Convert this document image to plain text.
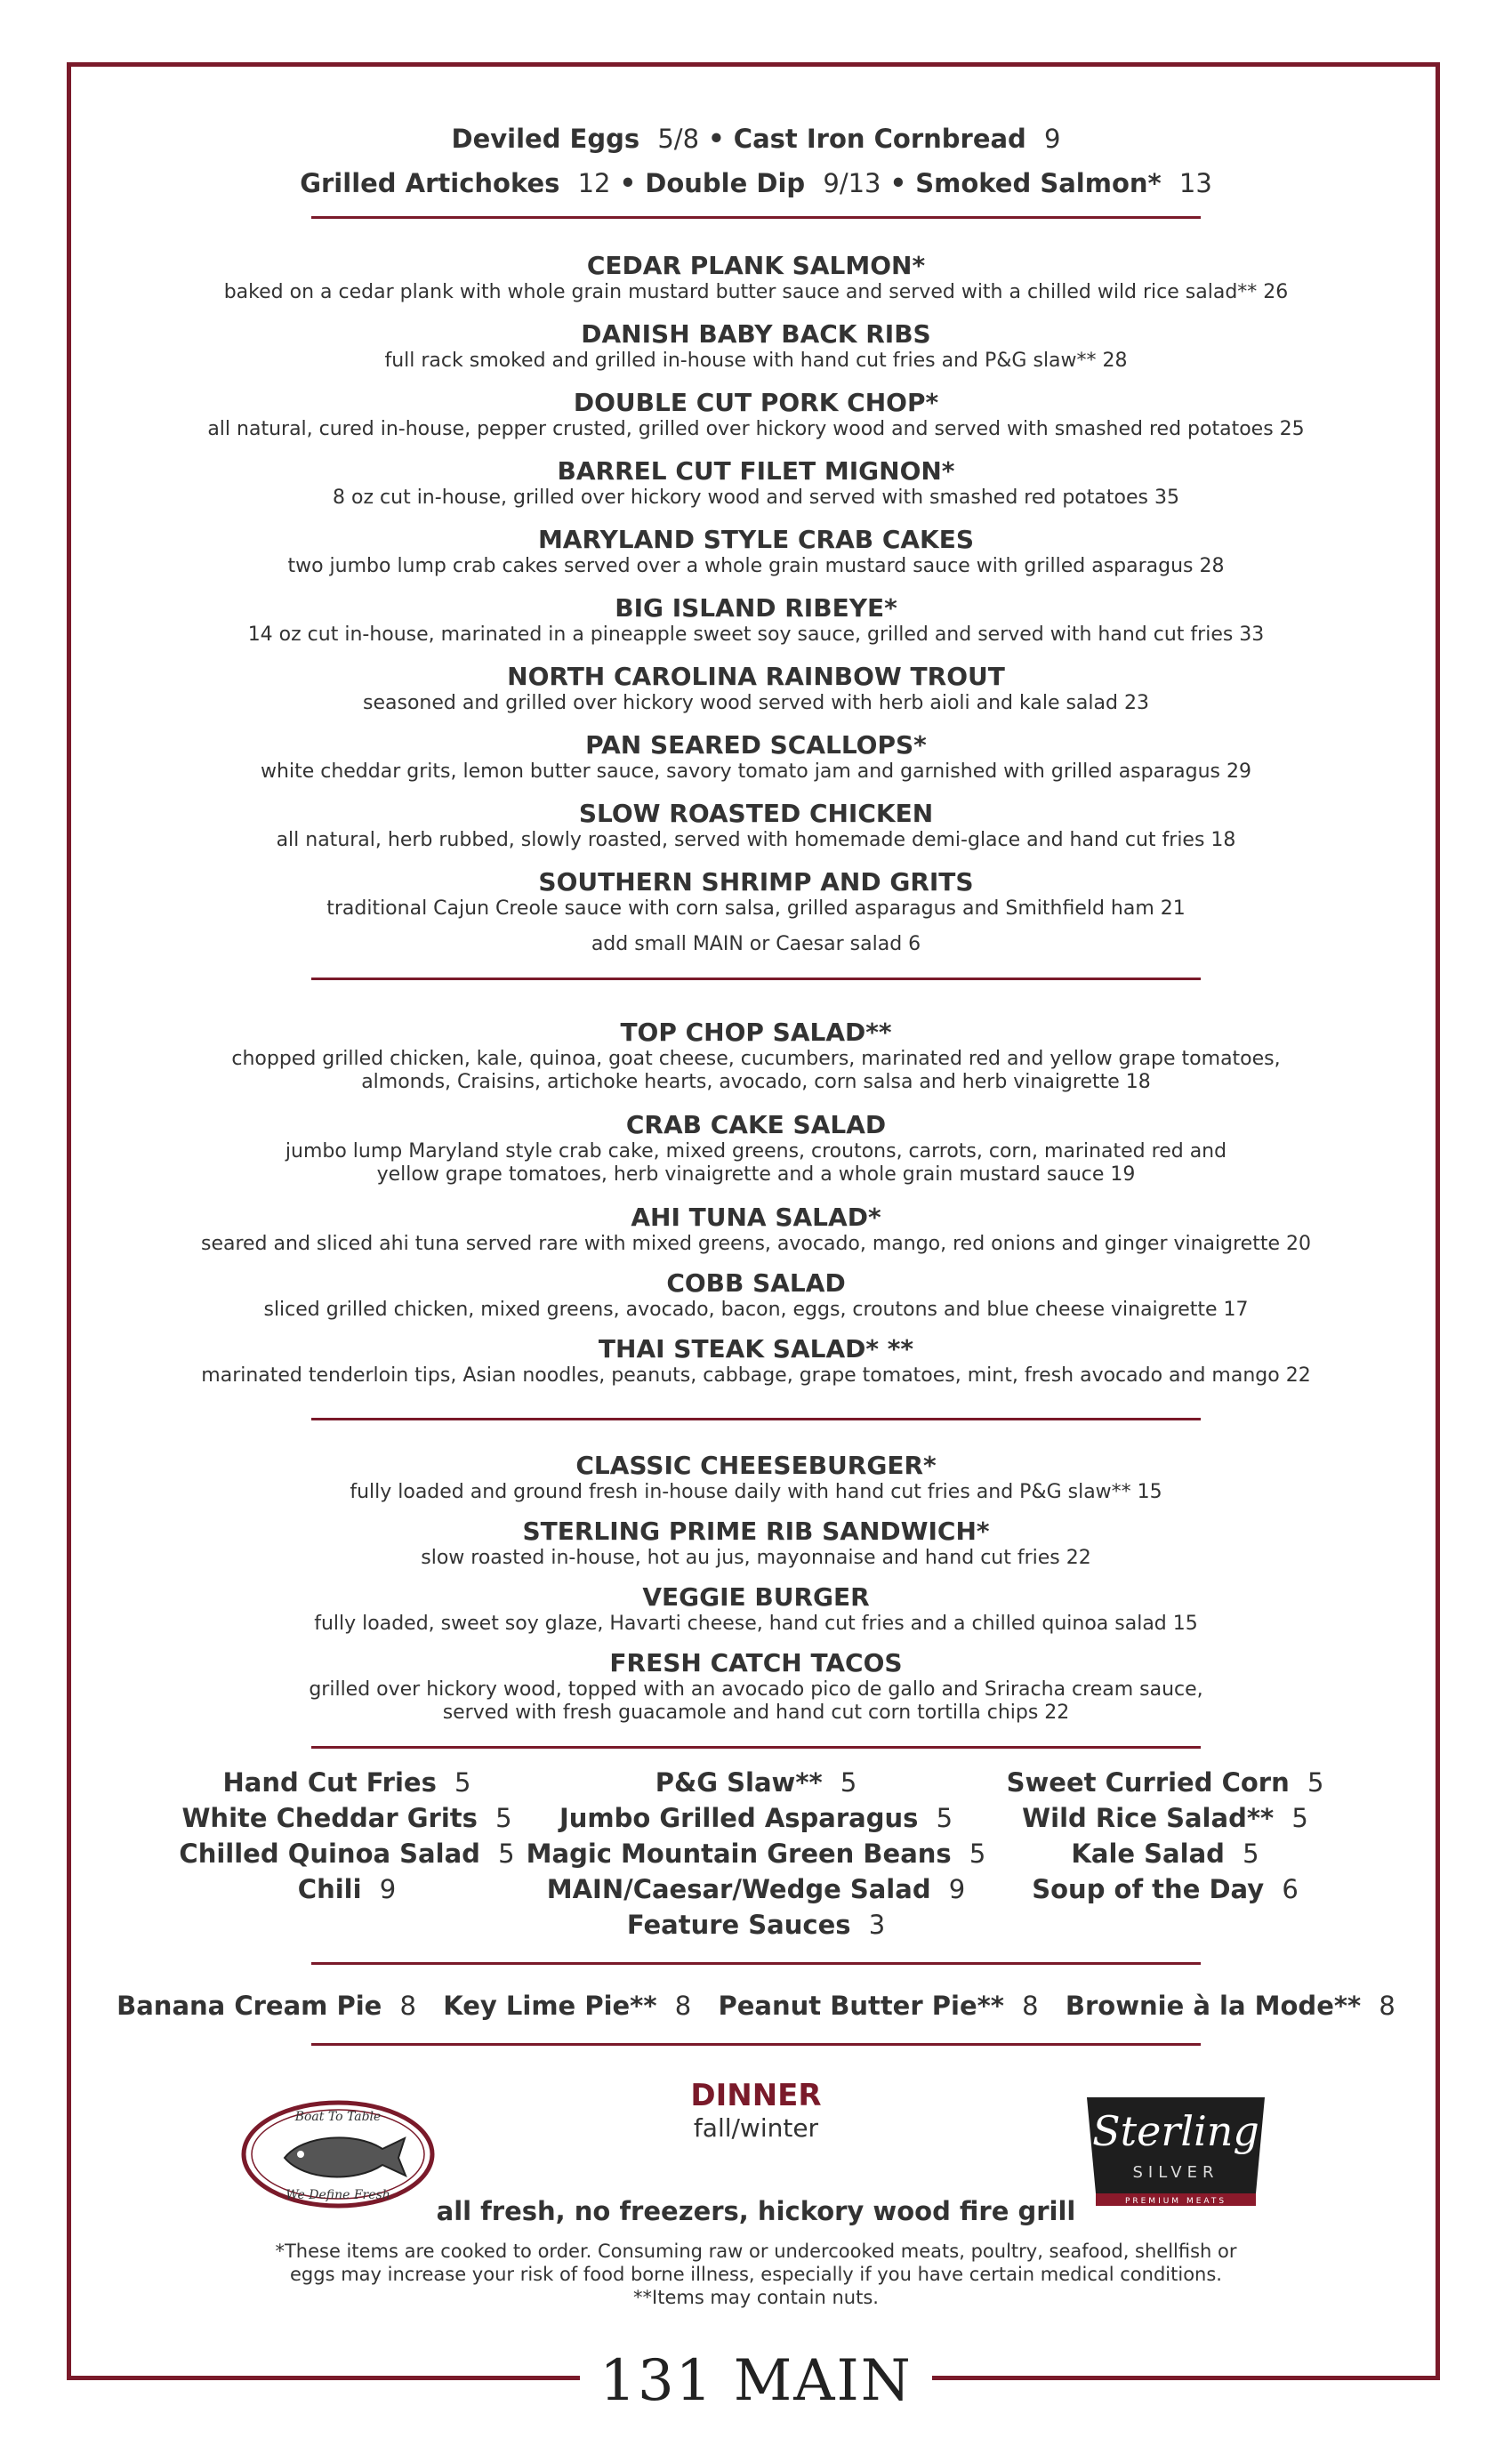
Deviled Eggs 5/8 • Cast Iron Cornbread 9
Grilled Artichokes 12 • Double Dip 9/13 • Smoked Salmon* 13
CEDAR PLANK SALMON*
baked on a cedar plank with whole grain mustard butter sauce and served with a chilled wild rice salad** 26
DANISH BABY BACK RIBS
full rack smoked and grilled in-house with hand cut fries and P&G slaw** 28
DOUBLE CUT PORK CHOP*
all natural, cured in-house, pepper crusted, grilled over hickory wood and served with smashed red potatoes 25
BARREL CUT FILET MIGNON*
8 oz cut in-house, grilled over hickory wood and served with smashed red potatoes 35
MARYLAND STYLE CRAB CAKES
two jumbo lump crab cakes served over a whole grain mustard sauce with grilled asparagus 28
BIG ISLAND RIBEYE*
14 oz cut in-house, marinated in a pineapple sweet soy sauce, grilled and served with hand cut fries 33
NORTH CAROLINA RAINBOW TROUT
seasoned and grilled over hickory wood served with herb aioli and kale salad 23
PAN SEARED SCALLOPS*
white cheddar grits, lemon butter sauce, savory tomato jam and garnished with grilled asparagus 29
SLOW ROASTED CHICKEN
all natural, herb rubbed, slowly roasted, served with homemade demi-glace and hand cut fries 18
SOUTHERN SHRIMP AND GRITS
traditional Cajun Creole sauce with corn salsa, grilled asparagus and Smithfield ham 21
add small MAIN or Caesar salad 6
TOP CHOP SALAD**
chopped grilled chicken, kale, quinoa, goat cheese, cucumbers, marinated red and yellow grape tomatoes,
almonds, Craisins, artichoke hearts, avocado, corn salsa and herb vinaigrette 18
CRAB CAKE SALAD
jumbo lump Maryland style crab cake, mixed greens, croutons, carrots, corn, marinated red and
yellow grape tomatoes, herb vinaigrette and a whole grain mustard sauce 19
AHI TUNA SALAD*
seared and sliced ahi tuna served rare with mixed greens, avocado, mango, red onions and ginger vinaigrette 20
COBB SALAD
sliced grilled chicken, mixed greens, avocado, bacon, eggs, croutons and blue cheese vinaigrette 17
THAI STEAK SALAD* **
marinated tenderloin tips, Asian noodles, peanuts, cabbage, grape tomatoes, mint, fresh avocado and mango 22
CLASSIC CHEESEBURGER*
fully loaded and ground fresh in-house daily with hand cut fries and P&G slaw** 15
STERLING PRIME RIB SANDWICH*
slow roasted in-house, hot au jus, mayonnaise and hand cut fries 22
VEGGIE BURGER
fully loaded, sweet soy glaze, Havarti cheese, hand cut fries and a chilled quinoa salad 15
FRESH CATCH TACOS
grilled over hickory wood, topped with an avocado pico de gallo and Sriracha cream sauce,
served with fresh guacamole and hand cut corn tortilla chips 22
Hand Cut Fries 5
White Cheddar Grits 5
Chilled Quinoa Salad 5
Chili 9
P&G Slaw** 5
Jumbo Grilled Asparagus 5
Magic Mountain Green Beans 5
MAIN/Caesar/Wedge Salad 9
Feature Sauces 3
Sweet Curried Corn 5
Wild Rice Salad** 5
Kale Salad 5
Soup of the Day 6
Banana Cream Pie 8 Key Lime Pie** 8 Peanut Butter Pie** 8 Brownie à la Mode** 8
DINNER
fall/winter
all fresh, no freezers, hickory wood fire grill
*These items are cooked to order. Consuming raw or undercooked meats, poultry, seafood, shellfish or
eggs may increase your risk of food borne illness, especially if you have certain medical conditions.
**Items may contain nuts.
Boat To Table
We Define Fresh
Sterling
SILVER
PREMIUM MEATS
131 MAIN
